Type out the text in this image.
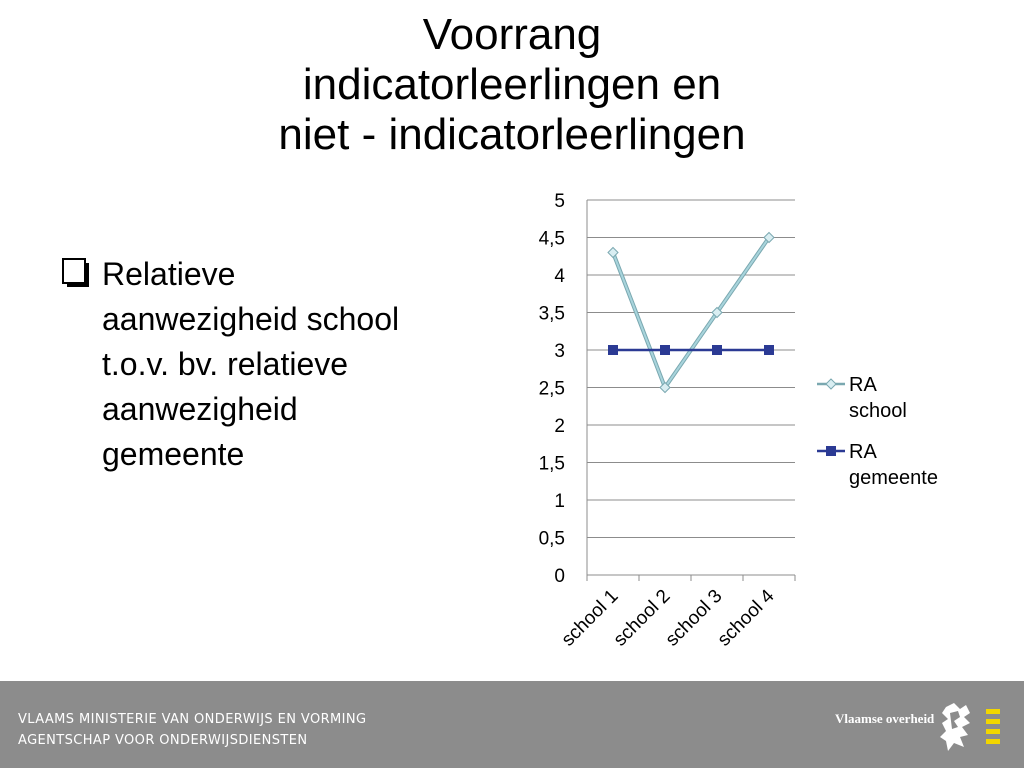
Voorrang
indicatorleerlingen en
niet - indicatorleerlingen
Relatieve
aanwezigheid school
t.o.v. bv. relatieve
aanwezigheid
gemeente
0
0,5
1
1,5
2
2,5
3
3,5
4
4,5
5
school 1
school 2
school 3
school 4
RA
school
RA
gemeente
VLAAMS MINISTERIE VAN ONDERWIJS EN VORMING
AGENTSCHAP VOOR ONDERWIJSDIENSTEN
Vlaamse overheid
